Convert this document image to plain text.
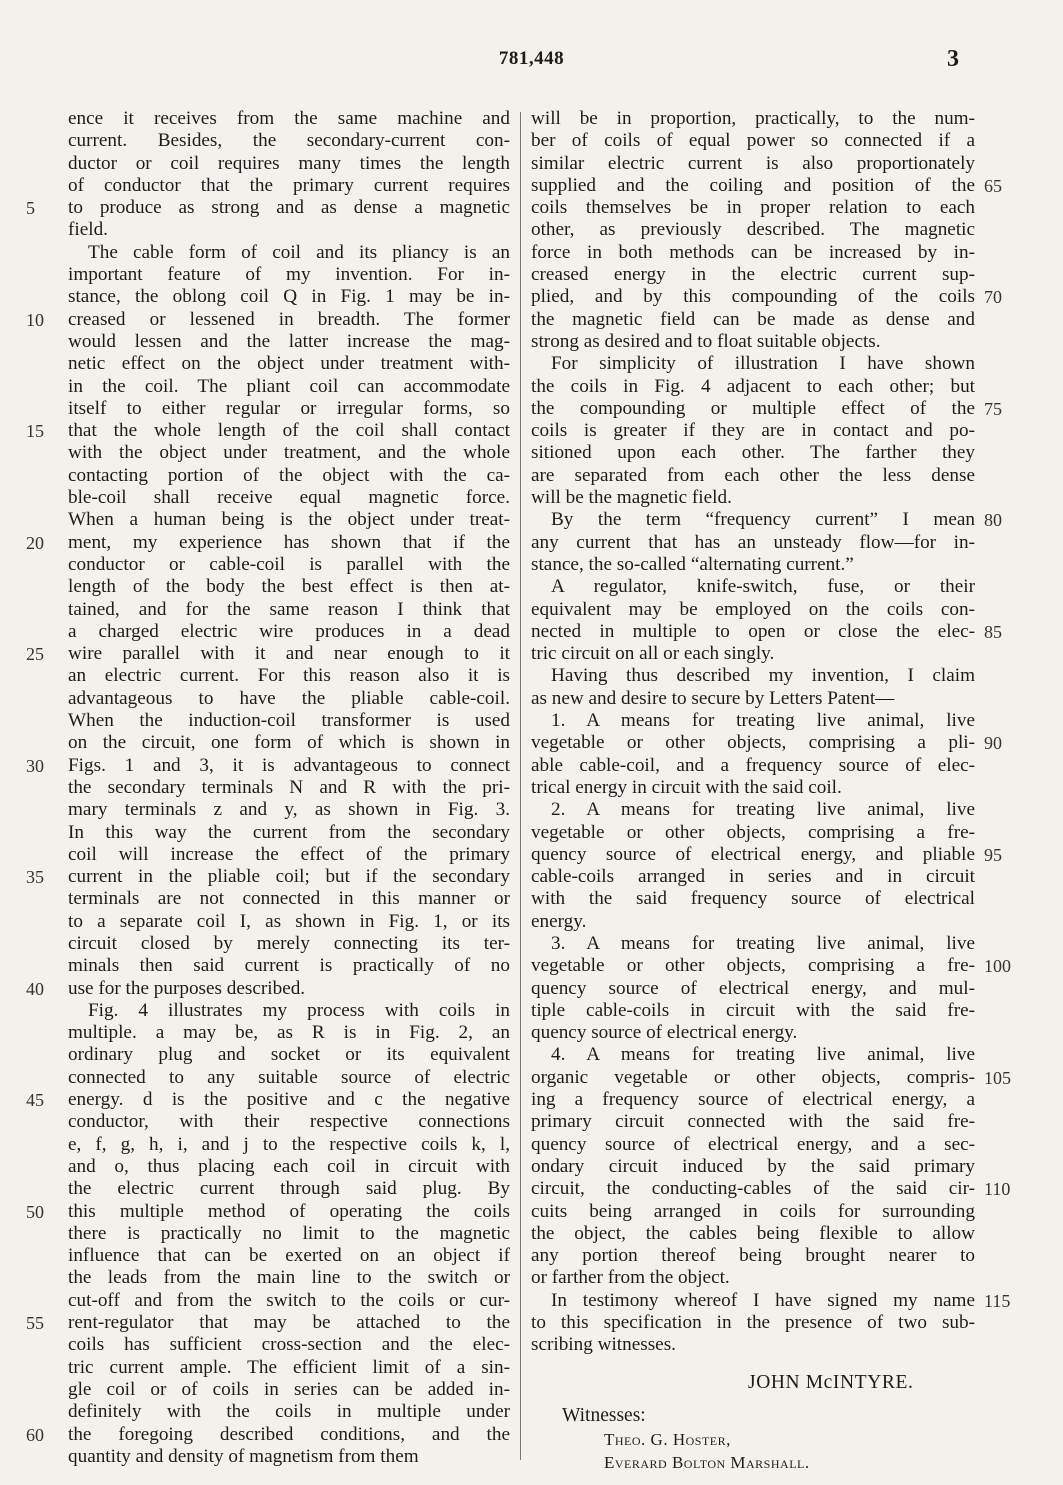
781,448	3
ence it receives from the same machine and
current. Besides, the secondary-current con-
ductor or coil requires many times the length
of conductor that the primary current requires
to produce as strong and as dense a magnetic
field.
The cable form of coil and its pliancy is an
important feature of my invention. For in-
stance, the oblong coil Q in Fig. 1 may be in-
creased or lessened in breadth. The former
would lessen and the latter increase the mag-
netic effect on the object under treatment with-
in the coil. The pliant coil can accommodate
itself to either regular or irregular forms, so
that the whole length of the coil shall contact
with the object under treatment, and the whole
contacting portion of the object with the ca-
ble-coil shall receive equal magnetic force.
When a human being is the object under treat-
ment, my experience has shown that if the
conductor or cable-coil is parallel with the
length of the body the best effect is then at-
tained, and for the same reason I think that
a charged electric wire produces in a dead
wire parallel with it and near enough to it
an electric current. For this reason also it is
advantageous to have the pliable cable-coil.
When the induction-coil transformer is used
on the circuit, one form of which is shown in
Figs. 1 and 3, it is advantageous to connect
the secondary terminals N and R with the pri-
mary terminals z and y, as shown in Fig. 3.
In this way the current from the secondary
coil will increase the effect of the primary
current in the pliable coil; but if the secondary
terminals are not connected in this manner or
to a separate coil I, as shown in Fig. 1, or its
circuit closed by merely connecting its ter-
minals then said current is practically of no
use for the purposes described.
Fig. 4 illustrates my process with coils in
multiple. a may be, as R is in Fig. 2, an
ordinary plug and socket or its equivalent
connected to any suitable source of electric
energy. d is the positive and c the negative
conductor, with their respective connections
e, f, g, h, i, and j to the respective coils k, l,
and o, thus placing each coil in circuit with
the electric current through said plug. By
this multiple method of operating the coils
there is practically no limit to the magnetic
influence that can be exerted on an object if
the leads from the main line to the switch or
cut-off and from the switch to the coils or cur-
rent-regulator that may be attached to the
coils has sufficient cross-section and the elec-
tric current ample. The efficient limit of a sin-
gle coil or of coils in series can be added in-
definitely with the coils in multiple under
the foregoing described conditions, and the
quantity and density of magnetism from them
will be in proportion, practically, to the num-
ber of coils of equal power so connected if a
similar electric current is also proportionately
supplied and the coiling and position of the
coils themselves be in proper relation to each
other, as previously described. The magnetic
force in both methods can be increased by in-
creased energy in the electric current sup-
plied, and by this compounding of the coils
the magnetic field can be made as dense and
strong as desired and to float suitable objects.
For simplicity of illustration I have shown
the coils in Fig. 4 adjacent to each other; but
the compounding or multiple effect of the
coils is greater if they are in contact and po-
sitioned upon each other. The farther they
are separated from each other the less dense
will be the magnetic field.
By the term “frequency current” I mean
any current that has an unsteady flow—for in-
stance, the so-called “alternating current.”
A regulator, knife-switch, fuse, or their
equivalent may be employed on the coils con-
nected in multiple to open or close the elec-
tric circuit on all or each singly.
Having thus described my invention, I claim
as new and desire to secure by Letters Patent—
1. A means for treating live animal, live
vegetable or other objects, comprising a pli-
able cable-coil, and a frequency source of elec-
trical energy in circuit with the said coil.
2. A means for treating live animal, live
vegetable or other objects, comprising a fre-
quency source of electrical energy, and pliable
cable-coils arranged in series and in circuit
with the said frequency source of electrical
energy.
3. A means for treating live animal, live
vegetable or other objects, comprising a fre-
quency source of electrical energy, and mul-
tiple cable-coils in circuit with the said fre-
quency source of electrical energy.
4. A means for treating live animal, live
organic vegetable or other objects, compris-
ing a frequency source of electrical energy, a
primary circuit connected with the said fre-
quency source of electrical energy, and a sec-
ondary circuit induced by the said primary
circuit, the conducting-cables of the said cir-
cuits being arranged in coils for surrounding
the object, the cables being flexible to allow
any portion thereof being brought nearer to
or farther from the object.
In testimony whereof I have signed my name
to this specification in the presence of two sub-
scribing witnesses.
5
10
15
20
25
30
35
40
45
50
55
60
65
70
75
80
85
90
95
100
105
110
115
JOHN McINTYRE.
Witnesses:
Theo. G. Hoster,
Everard Bolton Marshall.
